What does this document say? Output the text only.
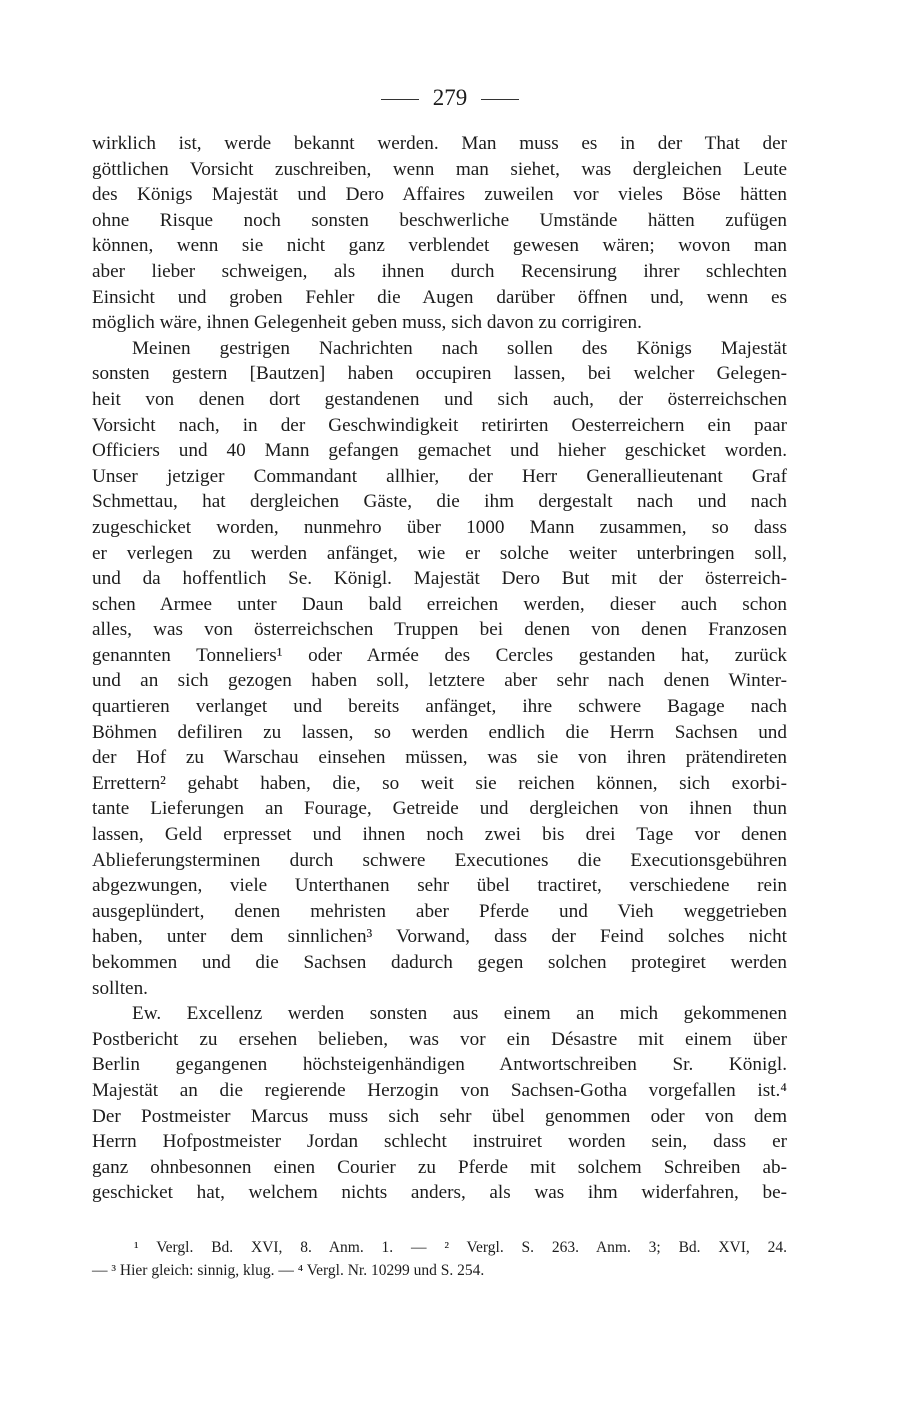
279
wirklich ist, werde bekannt werden. Man muss es in der That der
göttlichen Vorsicht zuschreiben, wenn man siehet, was dergleichen Leute
des Königs Majestät und Dero Affaires zuweilen vor vieles Böse hätten
ohne Risque noch sonsten beschwerliche Umstände hätten zufügen
können, wenn sie nicht ganz verblendet gewesen wären; wovon man
aber lieber schweigen, als ihnen durch Recensirung ihrer schlechten
Einsicht und groben Fehler die Augen darüber öffnen und, wenn es
möglich wäre, ihnen Gelegenheit geben muss, sich davon zu corrigiren.
Meinen gestrigen Nachrichten nach sollen des Königs Majestät
sonsten gestern [Bautzen] haben occupiren lassen, bei welcher Gelegen-
heit von denen dort gestandenen und sich auch, der österreichschen
Vorsicht nach, in der Geschwindigkeit retirirten Oesterreichern ein paar
Officiers und 40 Mann gefangen gemachet und hieher geschicket worden.
Unser jetziger Commandant allhier, der Herr Generallieutenant Graf
Schmettau, hat dergleichen Gäste, die ihm dergestalt nach und nach
zugeschicket worden, nunmehro über 1000 Mann zusammen, so dass
er verlegen zu werden anfänget, wie er solche weiter unterbringen soll,
und da hoffentlich Se. Königl. Majestät Dero But mit der österreich-
schen Armee unter Daun bald erreichen werden, dieser auch schon
alles, was von österreichschen Truppen bei denen von denen Franzosen
genannten Tonneliers¹ oder Armée des Cercles gestanden hat, zurück
und an sich gezogen haben soll, letztere aber sehr nach denen Winter-
quartieren verlanget und bereits anfänget, ihre schwere Bagage nach
Böhmen defiliren zu lassen, so werden endlich die Herrn Sachsen und
der Hof zu Warschau einsehen müssen, was sie von ihren prätendireten
Errettern² gehabt haben, die, so weit sie reichen können, sich exorbi-
tante Lieferungen an Fourage, Getreide und dergleichen von ihnen thun
lassen, Geld erpresset und ihnen noch zwei bis drei Tage vor denen
Ablieferungsterminen durch schwere Executiones die Executionsgebühren
abgezwungen, viele Unterthanen sehr übel tractiret, verschiedene rein
ausgeplündert, denen mehristen aber Pferde und Vieh weggetrieben
haben, unter dem sinnlichen³ Vorwand, dass der Feind solches nicht
bekommen und die Sachsen dadurch gegen solchen protegiret werden
sollten.
Ew. Excellenz werden sonsten aus einem an mich gekommenen
Postbericht zu ersehen belieben, was vor ein Désastre mit einem über
Berlin gegangenen höchsteigenhändigen Antwortschreiben Sr. Königl.
Majestät an die regierende Herzogin von Sachsen-Gotha vorgefallen ist.⁴
Der Postmeister Marcus muss sich sehr übel genommen oder von dem
Herrn Hofpostmeister Jordan schlecht instruiret worden sein, dass er
ganz ohnbesonnen einen Courier zu Pferde mit solchem Schreiben ab-
geschicket hat, welchem nichts anders, als was ihm widerfahren, be-
¹ Vergl. Bd. XVI, 8. Anm. 1. — ² Vergl. S. 263. Anm. 3; Bd. XVI, 24.
— ³ Hier gleich: sinnig, klug. — ⁴ Vergl. Nr. 10299 und S. 254.
